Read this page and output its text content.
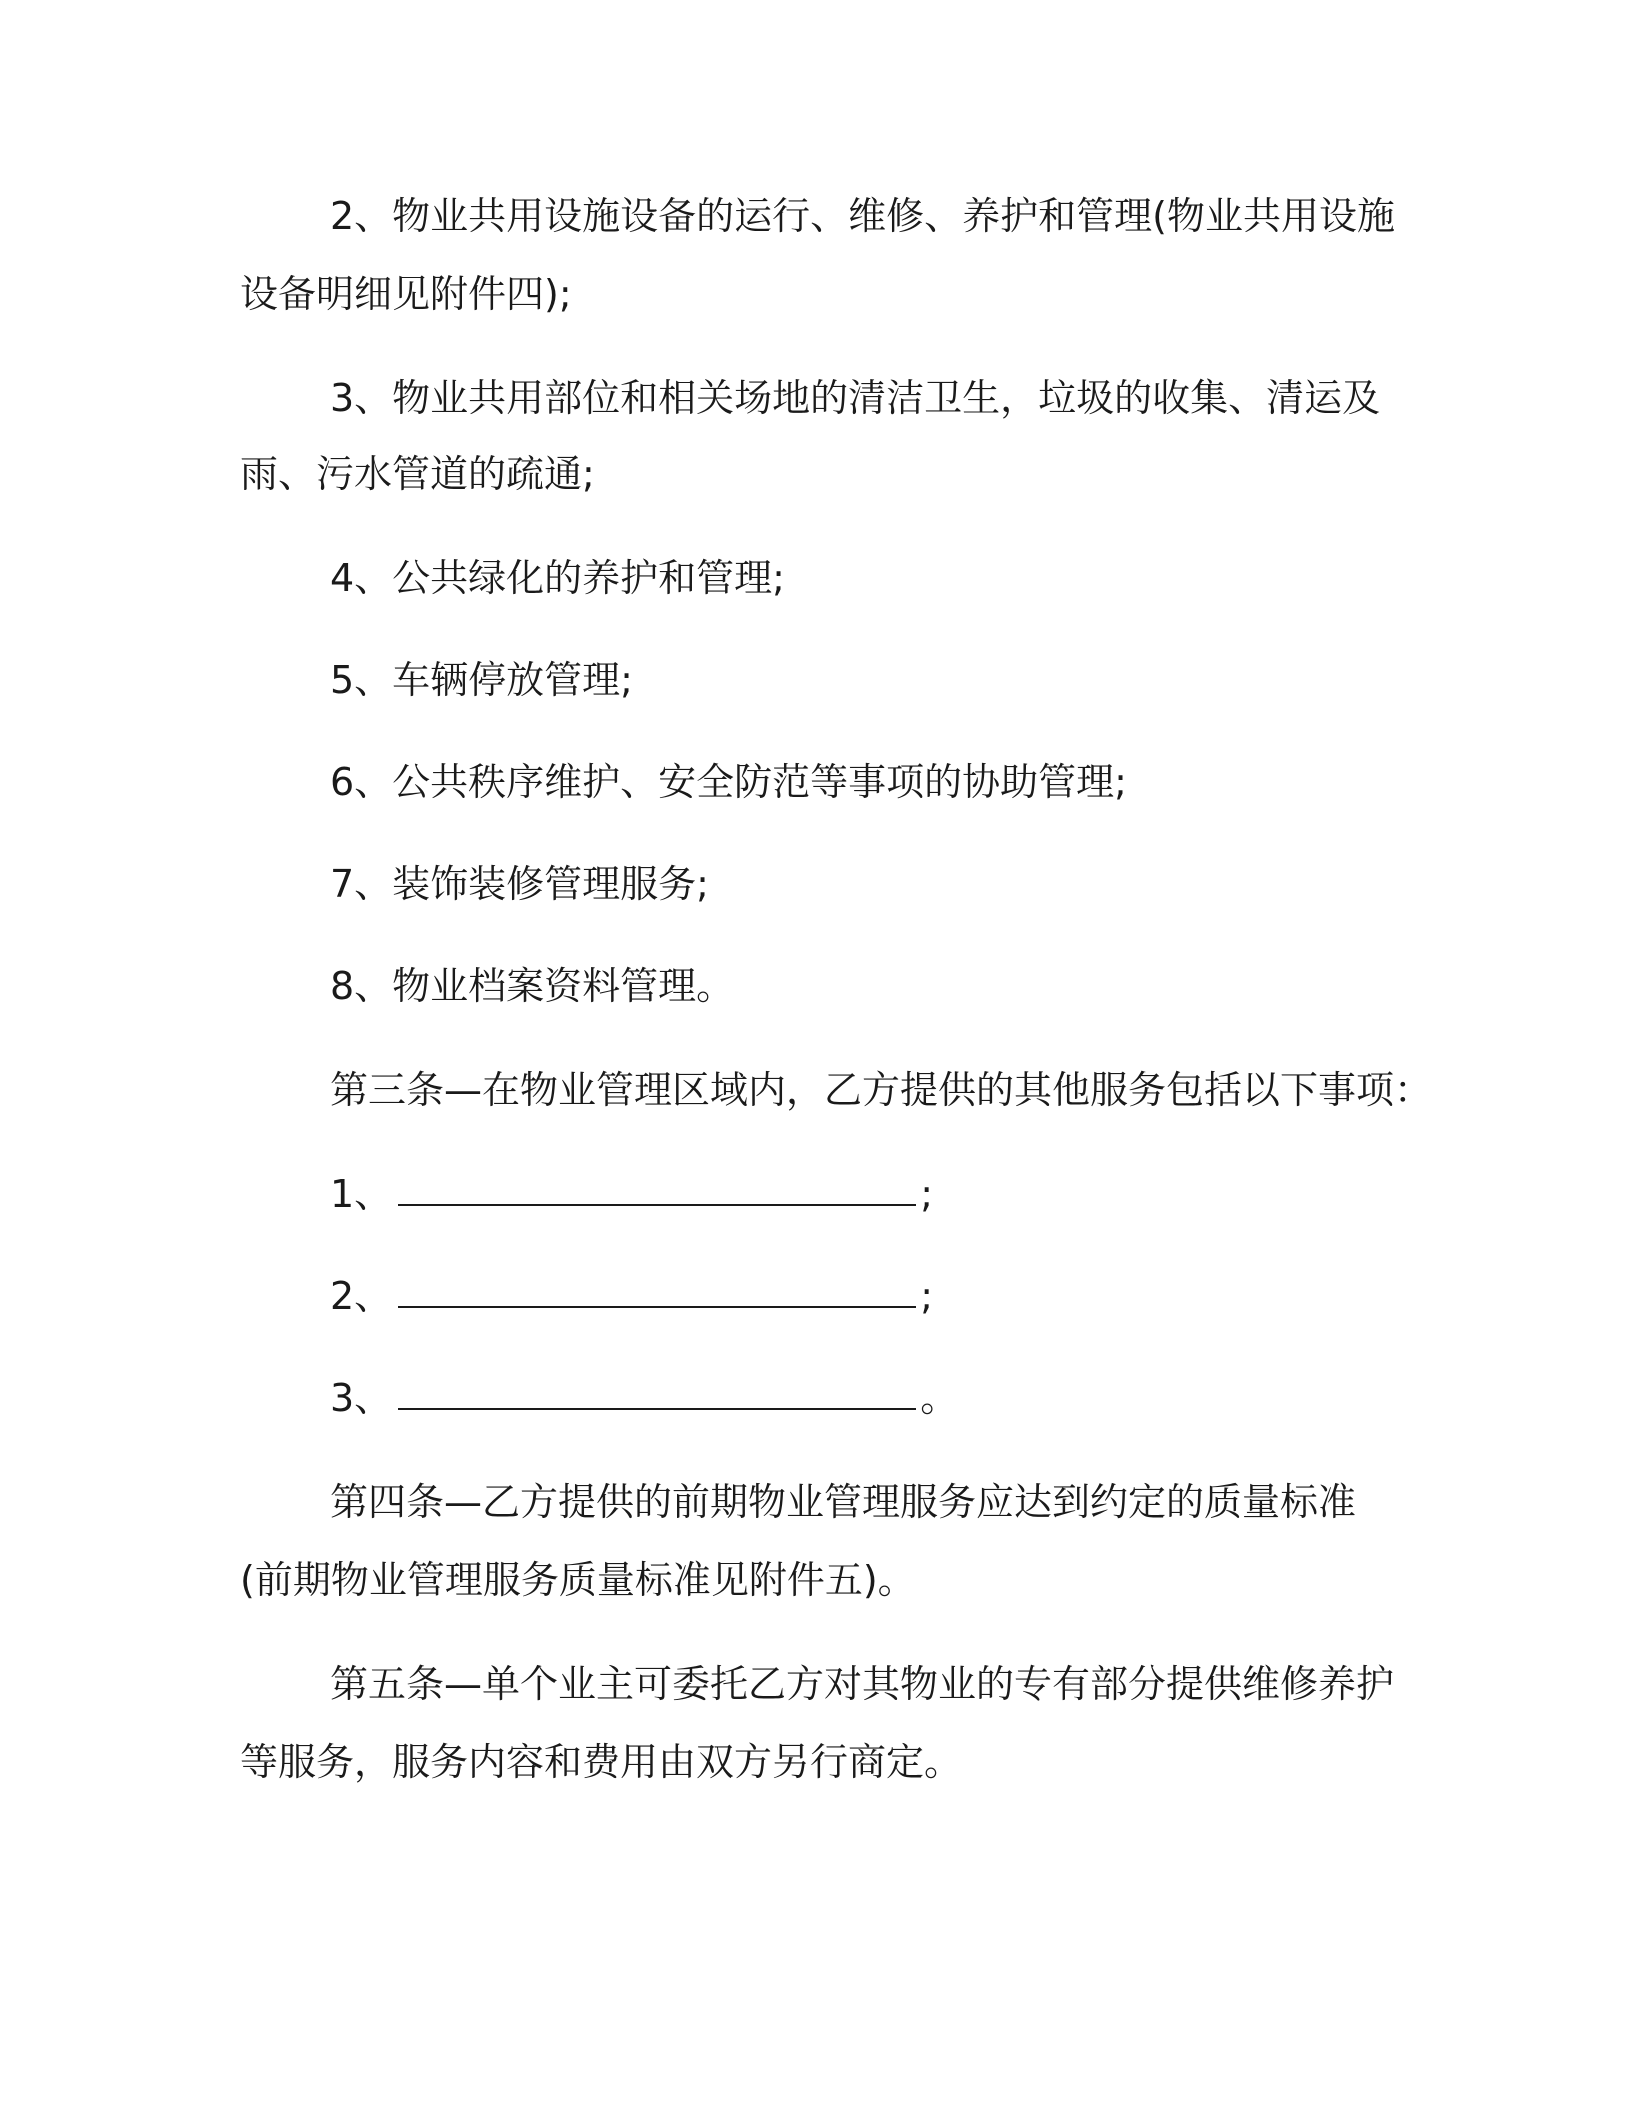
2、物业共用设施设备的运行、维修、养护和管理(物业共用设施
设备明细见附件四);
3、物业共用部位和相关场地的清洁卫生，垃圾的收集、清运及
雨、污水管道的疏通;
4、公共绿化的养护和管理;
5、车辆停放管理;
6、公共秩序维护、安全防范等事项的协助管理;
7、装饰装修管理服务;
8、物业档案资料管理。
第三条—在物业管理区域内，乙方提供的其他服务包括以下事项：
1、	;
2、	;
3、	。
第四条—乙方提供的前期物业管理服务应达到约定的质量标准
(前期物业管理服务质量标准见附件五)。
第五条—单个业主可委托乙方对其物业的专有部分提供维修养护
等服务，服务内容和费用由双方另行商定。
